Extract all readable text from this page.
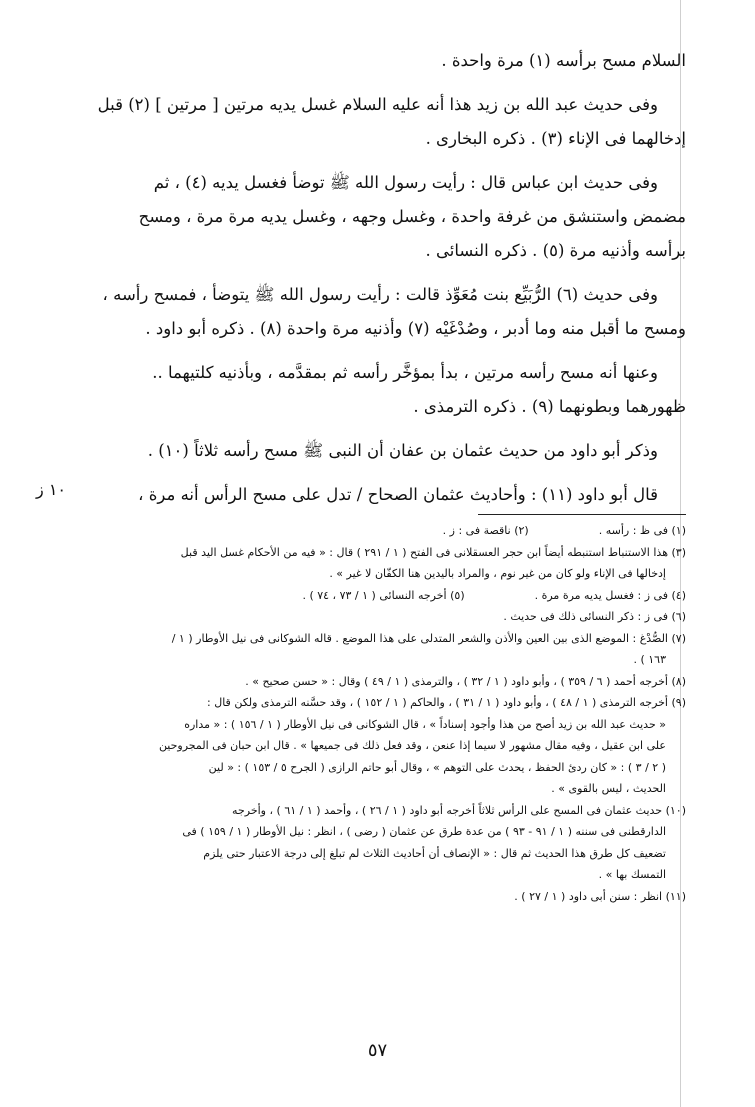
السلام مسح برأسه (١) مرة واحدة .

وفى حديث عبد الله بن زيد هذا أنه عليه السلام غسل يديه مرتين [ مرتين ] (٢) قبل إدخالهما فى الإناء (٣) . ذكره البخارى .

وفى حديث ابن عباس قال : رأيت رسول الله ﷺ توضأ فغسل يديه (٤) ، ثم مضمض واستنشق من غرفة واحدة ، وغسل وجهه ، وغسل يديه مرة مرة ، ومسح برأسه وأذنيه مرة (٥) . ذكره النسائى .

وفى حديث (٦) الرُّبَيِّع بنت مُعَوِّذ قالت : رأيت رسول الله ﷺ يتوضأ ، فمسح رأسه ، ومسح ما أقبل منه وما أدبر ، وصُدْغَيْه (٧) وأذنيه مرة واحدة (٨) . ذكره أبو داود .

وعنها أنه مسح رأسه مرتين ، بدأ بمؤخَّر رأسه ثم بمقدَّمه ، وبأذنيه كلتيهما .. ظهورهما وبطونهما (٩) . ذكره الترمذى .

وذكر أبو داود من حديث عثمان بن عفان أن النبى ﷺ مسح رأسه ثلاثاً (١٠) .

قال أبو داود (١١) : وأحاديث عثمان الصحاح / تدل على مسح الرأس أنه مرة ،

١٠ ز
(١) فى ظ : رأسه .
(٢) ناقصة فى : ز .

(٣) هذا الاستنباط استنبطه أيضاً ابن حجر العسقلانى فى الفتح ( ١ / ٢٩١ ) قال : « فيه من الأحكام غسل اليد قبل
إدخالها فى الإناء ولو كان من غير نوم ، والمراد باليدين هنا الكفّان لا غير » .

(٤) فى ز : فغسل يديه مرة مرة .
(٥) أخرجه النسائى ( ١ / ٧٣ ، ٧٤ ) .

(٦) فى ز : ذكر النسائى ذلك فى حديث .

(٧) الصُّدْغ : الموضع الذى بين العين والأذن والشعر المتدلى على هذا الموضع . قاله الشوكانى فى نيل الأوطار ( ١ /
١٦٣ ) .

(٨) أخرجه أحمد ( ٦ / ٣٥٩ ) ، وأبو داود ( ١ / ٣٢ ) ، والترمذى ( ١ / ٤٩ ) وقال : « حسن صحيح » .

(٩) أخرجه الترمذى ( ١ / ٤٨ ) ، وأبو داود ( ١ / ٣١ ) ، والحاكم ( ١ / ١٥٢ ) ، وقد حسَّنه الترمذى ولكن قال :
« حديث عبد الله بن زيد أصح من هذا وأجود إسناداً » ، قال الشوكانى فى نيل الأوطار ( ١ / ١٥٦ ) : « مداره
على ابن عقيل ، وفيه مقال مشهور لا سيما إذا عنعن ، وقد فعل ذلك فى جميعها » . قال ابن حبان فى المجروحين
( ٢ / ٣ ) : « كان ردئ الحفظ ، يحدث على التوهم » ، وقال أبو حاتم الرازى ( الجرح ٥ / ١٥٣ ) : « لين
الحديث ، ليس بالقوى » .

(١٠) حديث عثمان فى المسح على الرأس ثلاثاً أخرجه أبو داود ( ١ / ٢٦ ) ، وأحمد ( ١ / ٦١ ) ، وأخرجه
الدارقطنى فى سننه ( ١ / ٩١ - ٩٣ ) من عدة طرق عن عثمان ( رضى ) ، انظر : نيل الأوطار ( ١ / ١٥٩ ) فى
تضعيف كل طرق هذا الحديث ثم قال : « الإنصاف أن أحاديث الثلاث لم تبلغ إلى درجة الاعتبار حتى يلزم
التمسك بها » .

(١١) انظر : سنن أبى داود ( ١ / ٢٧ ) .

٥٧
